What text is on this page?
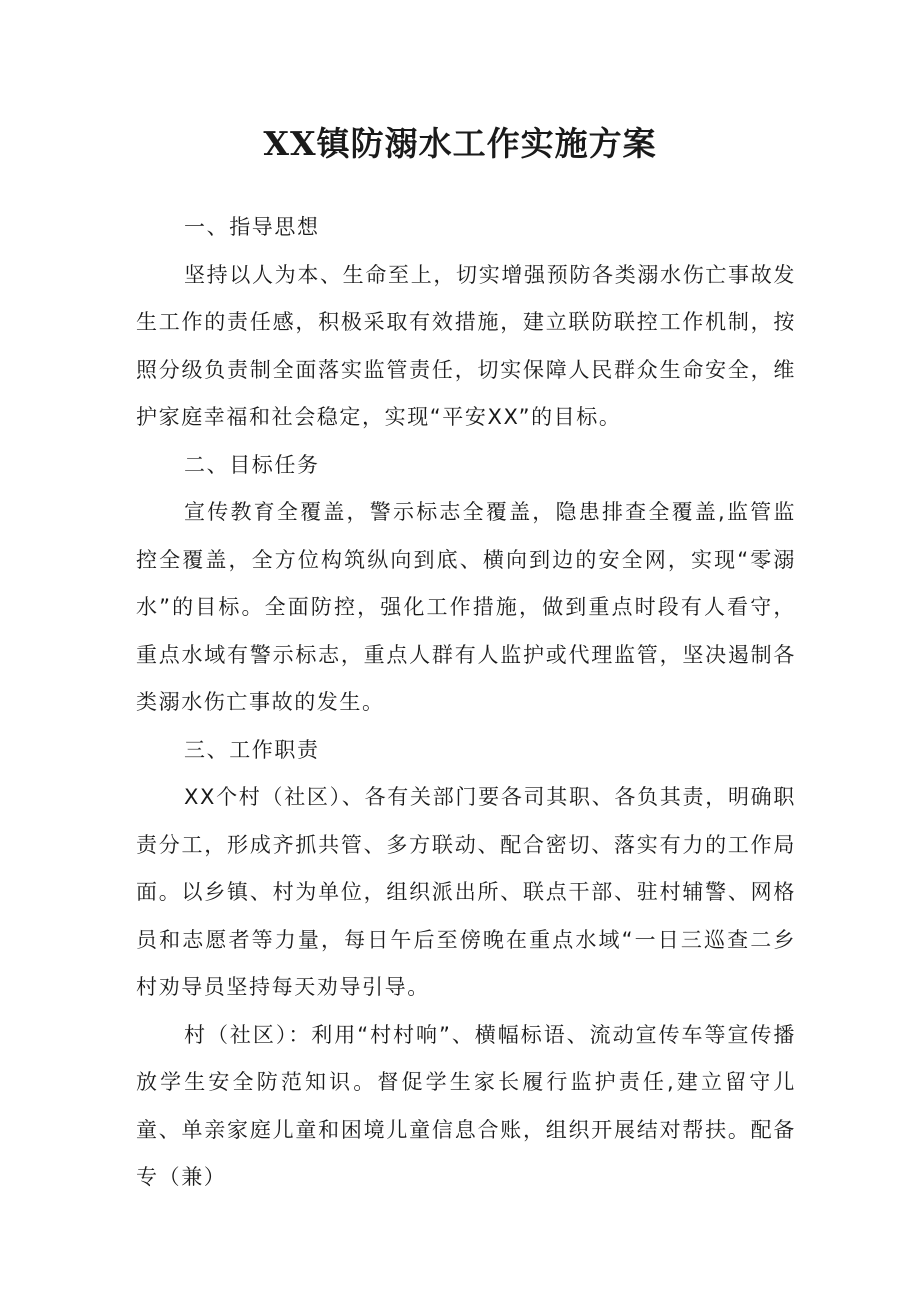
XX镇防溺水工作实施方案

一、指导思想

坚持以人为本、生命至上，切实增强预防各类溺水伤亡事故发生工作的责任感，积极采取有效措施，建立联防联控工作机制，按照分级负责制全面落实监管责任，切实保障人民群众生命安全，维护家庭幸福和社会稳定，实现“平安XX”的目标。

二、目标任务

宣传教育全覆盖，警示标志全覆盖，隐患排查全覆盖,监管监控全覆盖，全方位构筑纵向到底、横向到边的安全网，实现“零溺水”的目标。全面防控，强化工作措施，做到重点时段有人看守，重点水域有警示标志，重点人群有人监护或代理监管，坚决遏制各类溺水伤亡事故的发生。

三、工作职责

XX个村（社区）、各有关部门要各司其职、各负其责，明确职责分工，形成齐抓共管、多方联动、配合密切、落实有力的工作局面。以乡镇、村为单位，组织派出所、联点干部、驻村辅警、网格员和志愿者等力量，每日午后至傍晚在重点水域“一日三巡查二乡村劝导员坚持每天劝导引导。

村（社区）：利用“村村响”、横幅标语、流动宣传车等宣传播放学生安全防范知识。督促学生家长履行监护责任,建立留守儿童、单亲家庭儿童和困境儿童信息合账，组织开展结对帮扶。配备专（兼）
